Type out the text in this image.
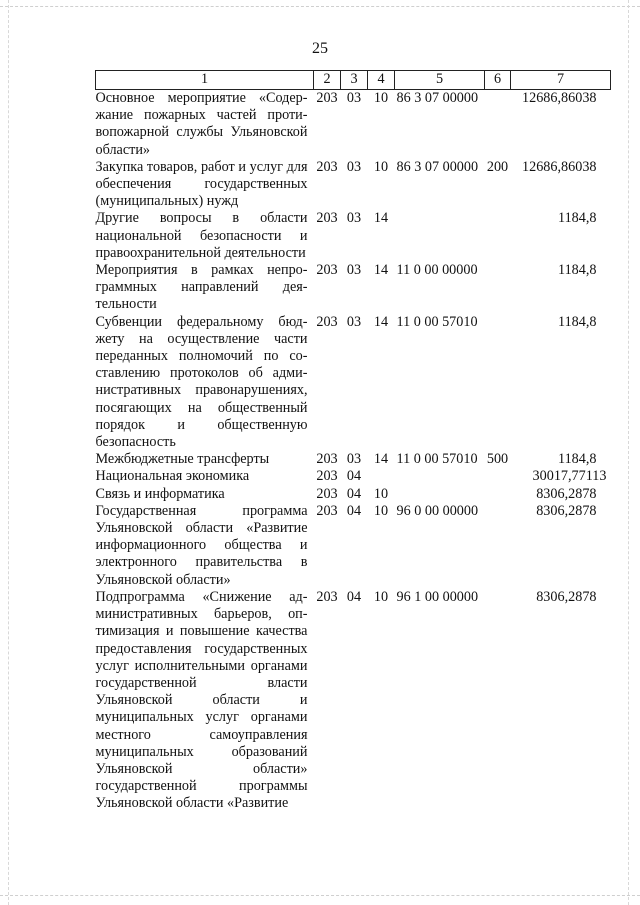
25
1	2	3	4	5	6	7
Основное мероприятие «Содержание пожарных частей противопожарной службы Ульяновской области»	203	03	10	86 3 07 00000		12686,86038
Закупка товаров, работ и услуг для обеспечения государственных (муниципальных) нужд	203	03	10	86 3 07 00000	200	12686,86038
Другие вопросы в области национальной безопасности и правоохранительной деятельности	203	03	14			1184,8
Мероприятия в рамках непрограммных направлений деятельности	203	03	14	11 0 00 00000		1184,8
Субвенции федеральному бюджету на осуществление части переданных полномочий по составлению протоколов об административных правонарушениях, посягающих на общественный порядок и общественную безопасность	203	03	14	11 0 00 57010		1184,8
Межбюджетные трансферты	203	03	14	11 0 00 57010	500	1184,8
Национальная экономика	203	04				30017,77113
Связь и информатика	203	04	10			8306,2878
Государственная программа Ульяновской области «Развитие информационного общества и электронного правительства в Ульяновской области»	203	04	10	96 0 00 00000		8306,2878
Подпрограмма «Снижение административных барьеров, оптимизация и повышение качества предоставления государственных услуг исполнительными органами государственной власти Ульяновской области и муниципальных услуг органами местного самоуправления муниципальных образований Ульяновской области» государственной программы Ульяновской области «Развитие	203	04	10	96 1 00 00000		8306,2878
